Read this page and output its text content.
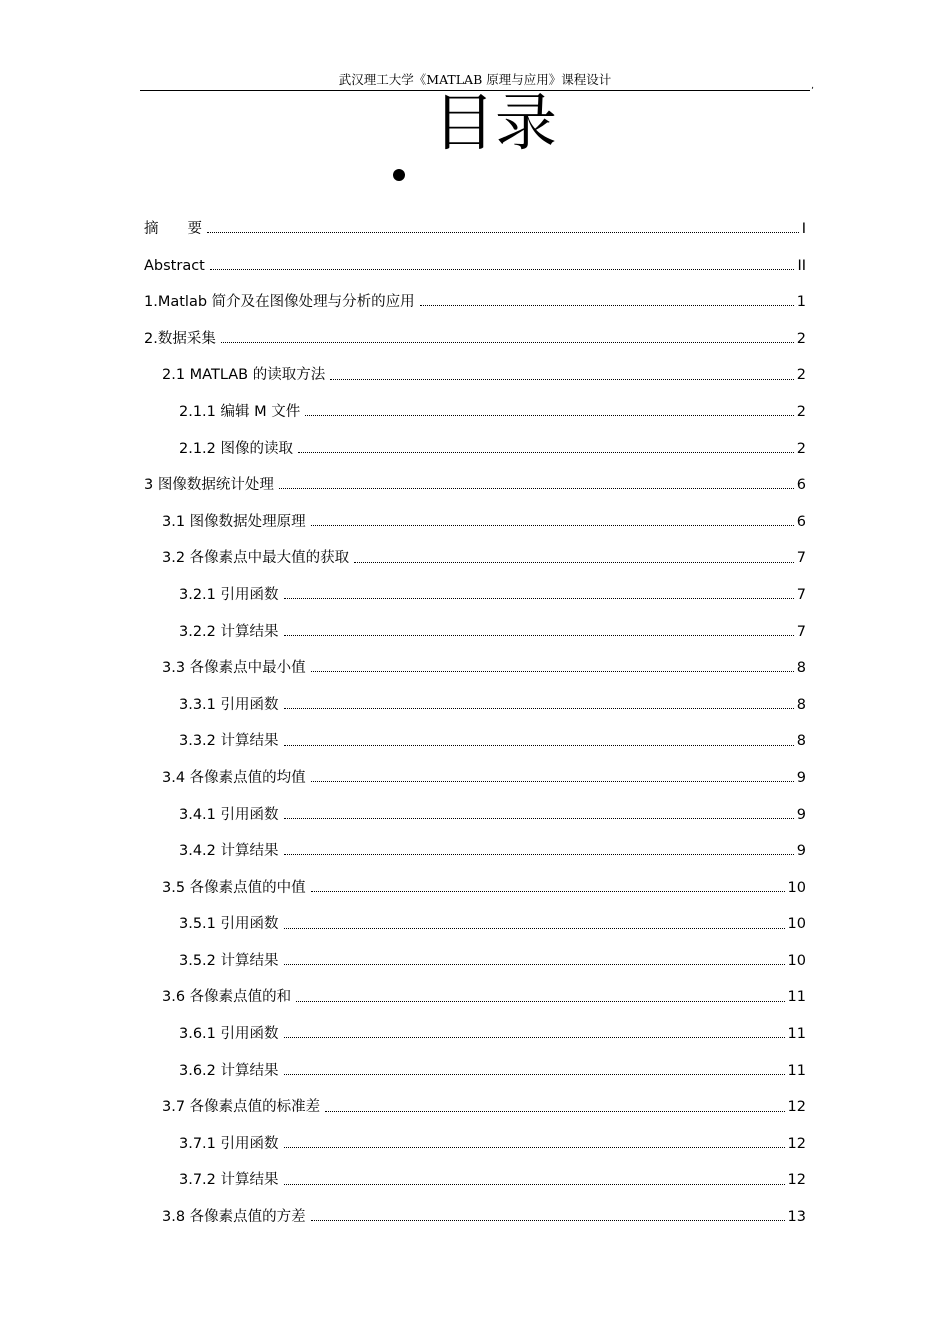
武汉理工大学《MATLAB 原理与应用》课程设计	,
目录
摘　　要	I
Abstract	II
1.Matlab 简介及在图像处理与分析的应用	1
2.数据采集	2
2.1 MATLAB 的读取方法	2
2.1.1 编辑 M 文件	2
2.1.2 图像的读取	2
3 图像数据统计处理	6
3.1 图像数据处理原理	6
3.2 各像素点中最大值的获取	7
3.2.1 引用函数	7
3.2.2 计算结果	7
3.3 各像素点中最小值	8
3.3.1 引用函数	8
3.3.2 计算结果	8
3.4 各像素点值的均值	9
3.4.1 引用函数	9
3.4.2 计算结果	9
3.5 各像素点值的中值	10
3.5.1 引用函数	10
3.5.2 计算结果	10
3.6 各像素点值的和	11
3.6.1 引用函数	11
3.6.2 计算结果	11
3.7 各像素点值的标准差	12
3.7.1 引用函数	12
3.7.2 计算结果	12
3.8 各像素点值的方差	13
